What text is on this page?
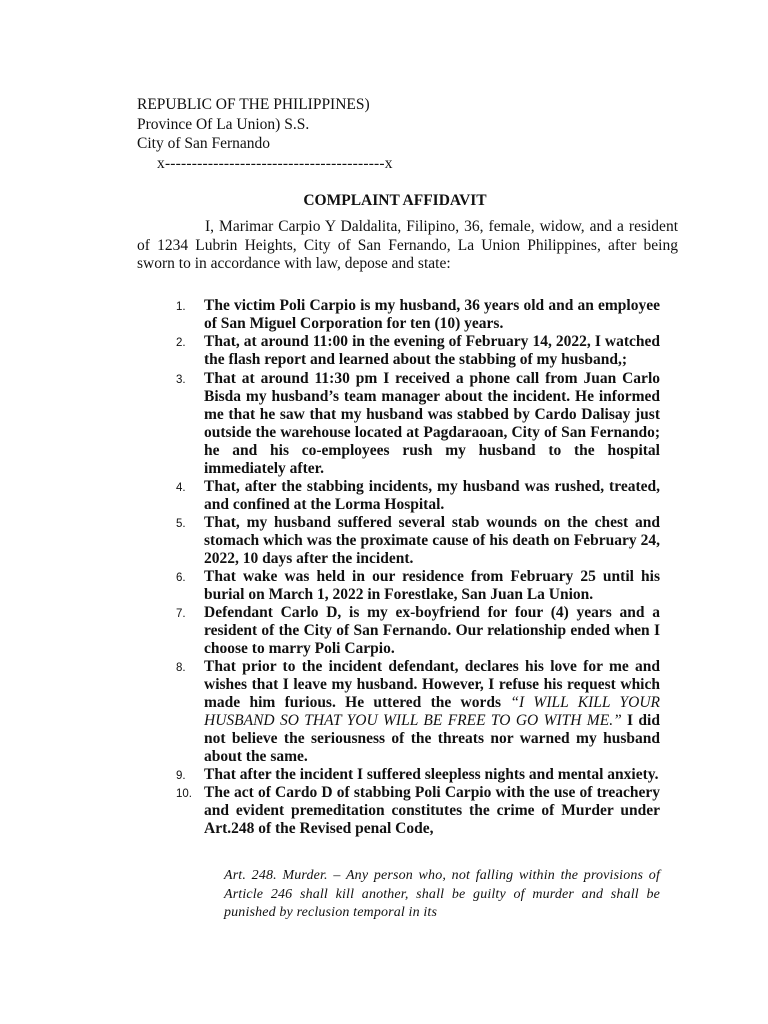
REPUBLIC OF THE PHILIPPINES)
Province Of La Union) S.S.
City of San Fernando
x-----------------------------------------x
COMPLAINT AFFIDAVIT

I, Marimar Carpio Y Daldalita, Filipino, 36, female, widow, and a resident of 1234 Lubrin Heights, City of San Fernando, La Union Philippines, after being sworn to in accordance with law, depose and state:

1.	The victim Poli Carpio is my husband, 36 years old and an employee of San Miguel Corporation for ten (10) years.
2.	That, at around 11:00 in the evening of February 14, 2022, I watched the flash report and learned about the stabbing of my husband,;
3.	That at around 11:30 pm I received a phone call from Juan Carlo Bisda my husband’s team manager about the incident. He informed me that he saw that my husband was stabbed by Cardo Dalisay just outside the warehouse located at Pagdaraoan, City of San Fernando; he and his co-employees rush my husband to the hospital immediately after.
4.	That, after the stabbing incidents, my husband was rushed, treated, and confined at the Lorma Hospital.
5.	That, my husband suffered several stab wounds on the chest and stomach which was the proximate cause of his death on February 24, 2022, 10 days after the incident.
6.	That wake was held in our residence from February 25 until his burial on March 1, 2022 in Forestlake, San Juan La Union.
7.	Defendant Carlo D, is my ex-boyfriend for four (4) years and a resident of the City of San Fernando. Our relationship ended when I choose to marry Poli Carpio.
8.	That prior to the incident defendant, declares his love for me and wishes that I leave my husband. However, I refuse his request which made him furious. He uttered the words “I WILL KILL YOUR HUSBAND SO THAT YOU WILL BE FREE TO GO WITH ME.” I did not believe the seriousness of the threats nor warned my husband about the same.
9.	That after the incident I suffered sleepless nights and mental anxiety.
10. The act of Cardo D of stabbing Poli Carpio with the use of treachery and evident premeditation constitutes the crime of Murder under Art.248 of the Revised penal Code,

Art. 248. Murder. – Any person who, not falling within the provisions of Article 246 shall kill another, shall be guilty of murder and shall be punished by reclusion temporal in its
